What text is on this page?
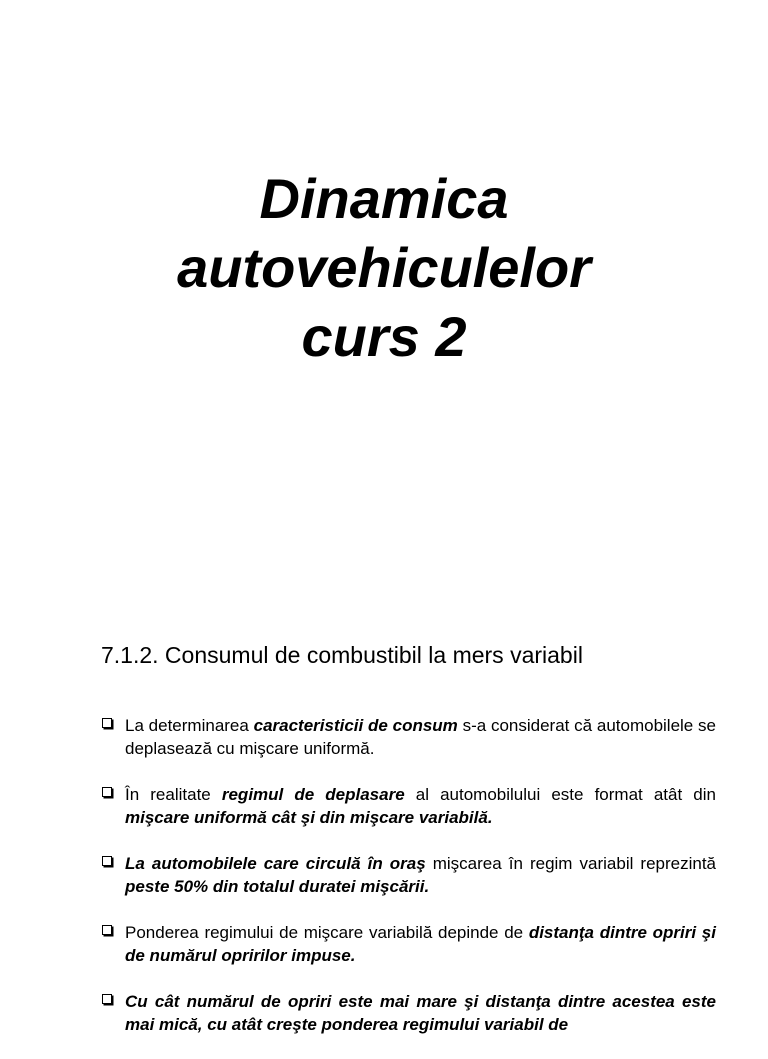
Dinamica
autovehiculelor
curs 2
7.1.2. Consumul de combustibil la mers variabil
La determinarea caracteristicii de consum s-a considerat că automobilele se deplasează cu mişcare uniformă.
În realitate regimul de deplasare al automobilului este format atât din mişcare uniformă cât şi din mişcare variabilă.
La automobilele care circulă în oraş mişcarea în regim variabil reprezintă peste 50% din totalul duratei mişcării.
Ponderea regimului de mişcare variabilă depinde de distanţa dintre opriri şi de numărul opririlor impuse.
Cu cât numărul de opriri este mai mare şi distanţa dintre acestea este mai mică, cu atât creşte ponderea regimului variabil de
